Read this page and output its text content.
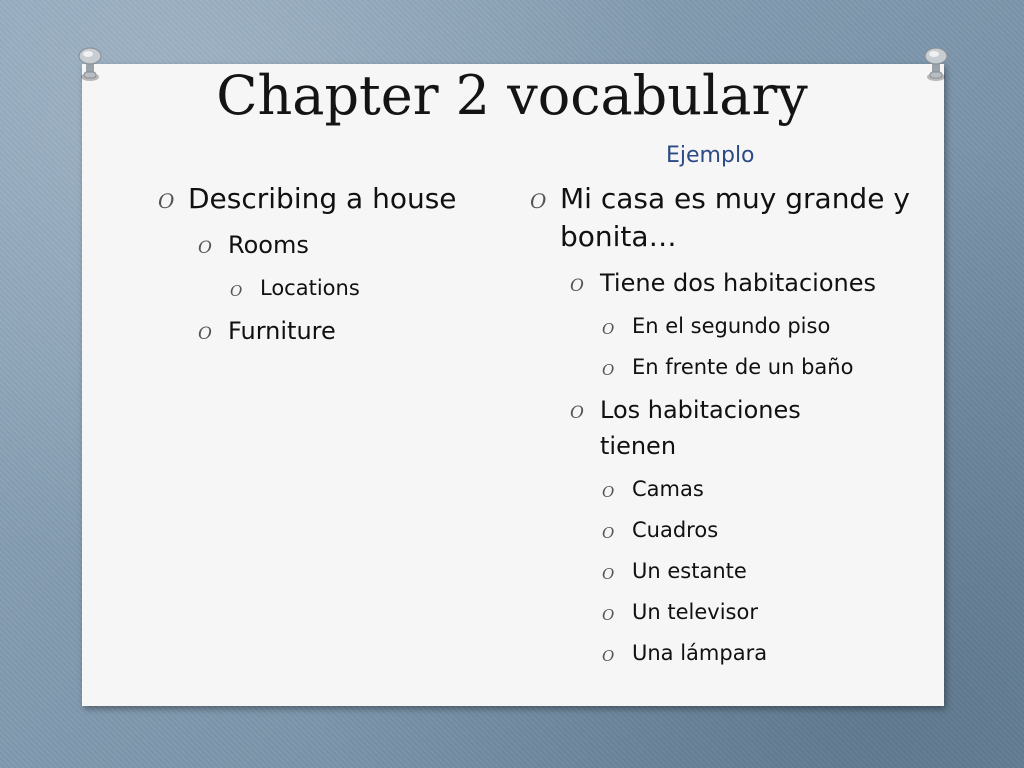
Chapter 2 vocabulary
Ejemplo
O Describing a house
O Rooms
O Locations
O Furniture
O Mi casa es muy grande y bonita…
O Tiene dos habitaciones
O En el segundo piso
O En frente de un baño
O Los habitaciones tienen
O Camas
O Cuadros
O Un estante
O Un televisor
O Una lámpara
